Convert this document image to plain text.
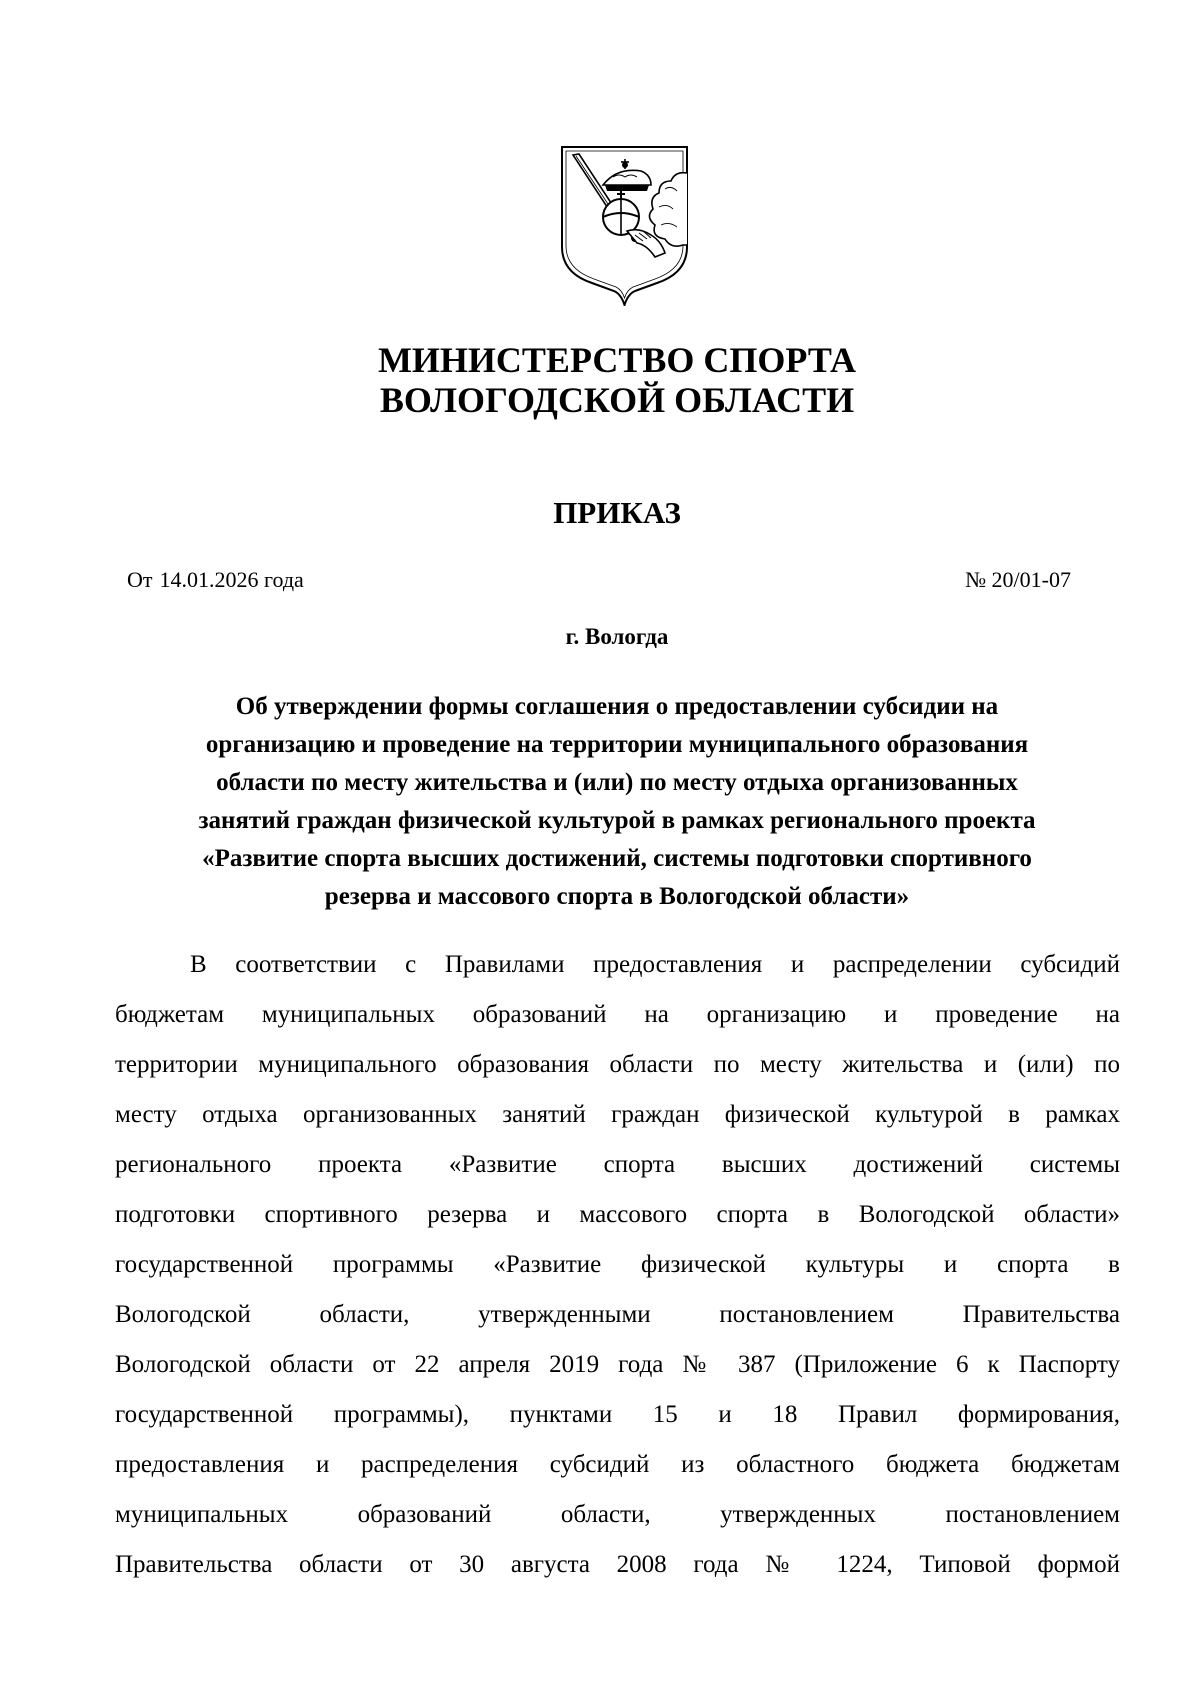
МИНИСТЕРСТВО СПОРТА
ВОЛОГОДСКОЙ ОБЛАСТИ
ПРИКАЗ
От 14.01.2026 года	№ 20/01-07
г. Вологда
Об утверждении формы соглашения о предоставлении субсидии на
организацию и проведение на территории муниципального образования
области по месту жительства и (или) по месту отдыха организованных
занятий граждан физической культурой в рамках регионального проекта
«Развитие спорта высших достижений, системы подготовки спортивного
резерва и массового спорта в Вологодской области»
В соответствии с Правилами предоставления и распределении субсидий
бюджетам муниципальных образований на организацию и проведение на
территории муниципального образования области по месту жительства и (или) по
месту отдыха организованных занятий граждан физической культурой в рамках
регионального проекта «Развитие спорта высших достижений системы
подготовки спортивного резерва и массового спорта в Вологодской области»
государственной программы «Развитие физической культуры и спорта в
Вологодской области, утвержденными постановлением Правительства
Вологодской области от 22 апреля 2019 года № 387 (Приложение 6 к Паспорту
государственной программы), пунктами 15 и 18 Правил формирования,
предоставления и распределения субсидий из областного бюджета бюджетам
муниципальных образований области, утвержденных постановлением
Правительства области от 30 августа 2008 года № 1224, Типовой формой
